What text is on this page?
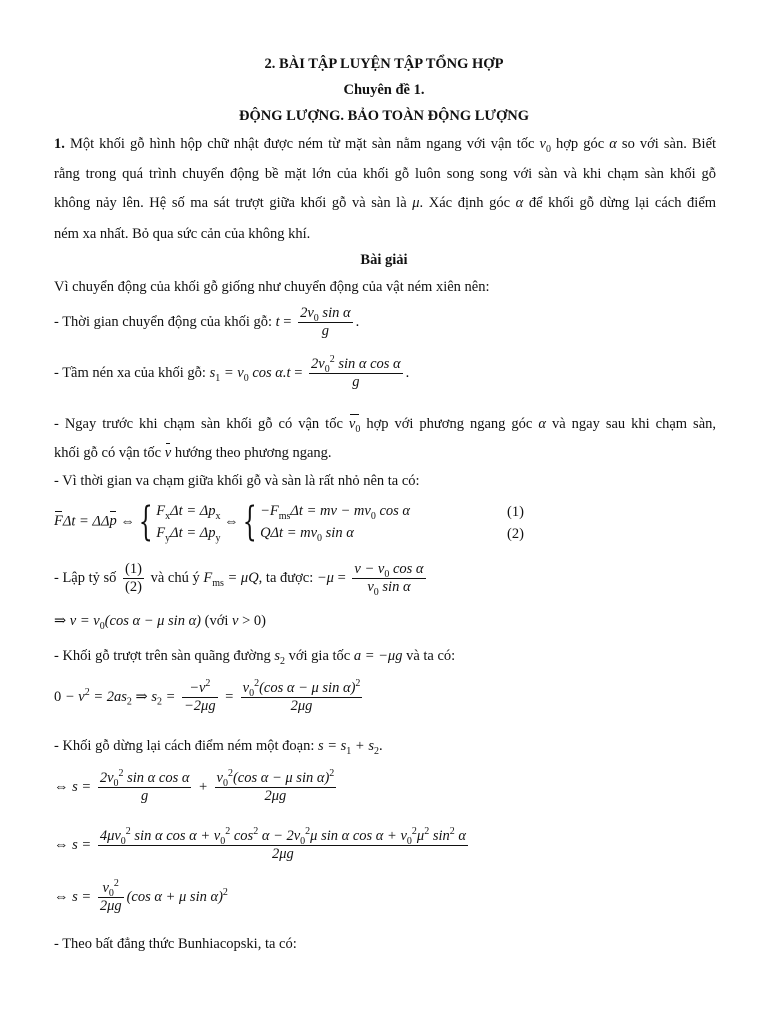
2. BÀI TẬP LUYỆN TẬP TỔNG HỢP
Chuyên đề 1.
ĐỘNG LƯỢNG. BẢO TOÀN ĐỘNG LƯỢNG
1. Một khối gỗ hình hộp chữ nhật được ném từ mặt sàn nằm ngang với vận tốc $v_0$ hợp góc α so với sàn. Biết
rằng trong quá trình chuyển động bề mặt lớn của khối gỗ luôn song song với sàn và khi chạm sàn khối gỗ
không nảy lên. Hệ số ma sát trượt giữa khối gỗ và sàn là μ. Xác định góc α để khối gỗ dừng lại cách điểm
ném xa nhất. Bỏ qua sức cản của không khí.
Bài giải
Vì chuyển động của khối gỗ giống như chuyển động của vật ném xiên nên:
- Thời gian chuyển động của khối gỗ: $t = \frac{2v_0 \sin \alpha}{g}$ .
- Tầm nén xa của khối gỗ: $s_1 = v_0$ $\cos \alpha.t = \frac{2v_0^2 \sin \alpha \cos \alpha}{g}$ .
- Ngay trước khi chạm sàn khối gỗ có vận tốc $v_0$ hợp với phương ngang góc α và ngay sau khi chạm sàn,
khối gỗ có vận tốc v hướng theo phương ngang.
- Vì thời gian va chạm giữa khối gỗ và sàn là rất nhỏ nên ta có:
FΔt = ΔΔp ⇔{ $F_x\Delta t = \Delta p_x$
$F_y\Delta t = \Delta p_y$
⇔{ $-F_{ms}\Delta t$ = mv − $mv_0$ cos α
$Q\Delta t = mv_0$ sin α
(1)
(2)
- Lập tỷ số $\frac{(1)}{(2)}$ và chú ý $F_{ms} = \mu Q$, ta được: $-\mu = \frac{v - v_0 \cos \alpha}{v_0 \sin \alpha}$
⇒ $v = v_0(\cos$ α − μ sin α) (với v > 0)
- Khối gỗ trượt trên sàn quãng đường $s_2$ với gia tốc a = −μg và ta có:
$0 - v^2 = 2as_2$ ⇒ $s_2 = \frac{-v^2}{-2\mu g} = \frac{v_0^2(\cos \alpha - \mu \sin \alpha)^2}{2\mu g}$
- Khối gỗ dừng lại cách điểm ném một đoạn: $s = s_1 + s_2$.
⇔ $s = \frac{2v_0^2 \sin \alpha \cos \alpha}{g} + \frac{v_0^2(\cos \alpha - \mu \sin \alpha)^2}{2\mu g}$
⇔ s =
$4\mu v_0^2$ sin α $\cos \alpha + v_0^2$ $\cos^2 \alpha - 2v_0^2\mu$ sin α $\cos \alpha + v_0^2\mu^2$ $\sin^2 \alpha$
2μg
⇔ $s = \frac{v_0^2}{2\mu g} (\cos$ α + μ sin α)$^2$
- Theo bất đẳng thức Bunhiacopski, ta có:
